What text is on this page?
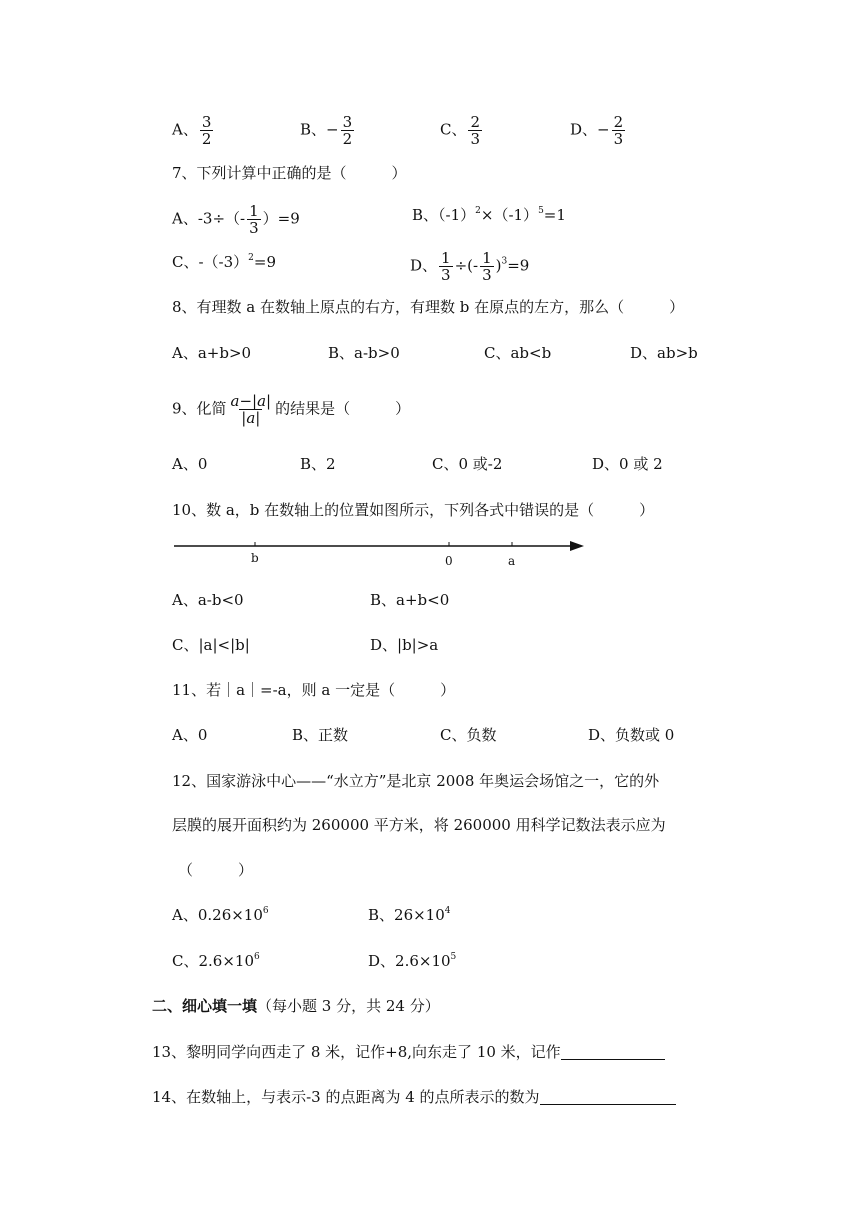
A、 $\frac{3}{2}$	B、− $\frac{3}{2}$	C、 $\frac{2}{3}$	D、− $\frac{2}{3}$
7、下列计算中正确的是（　　　）
A、$-3\div(- \frac{1}{3} )=9$	B、$(-1)^2\times(-1)^5=1$
C、$-(-3)^2=9$	D、 $\frac{1}{3}$ ÷(- $\frac{1}{3} )^3=9$
8、有理数 a 在数轴上原点的右方，有理数 b 在原点的左方，那么（　　　）
A、a+b>0	B、a-b>0	C、ab<b	D、ab>b
9、化简 $\frac{a-|a|}{|a|}$ 的结果是（　　　）
A、0	B、2	C、0 或-2	D、0 或 2
10、数 a，b 在数轴上的位置如图所示，下列各式中错误的是（　　　）
b	0	a
A、a-b<0	B、a+b<0
C、|a|<|b|	D、|b|>a
11、若｜a｜=-a，则 a 一定是（　　　）
A、0	B、正数	C、负数	D、负数或 0
12、国家游泳中心——“水立方”是北京 2008 年奥运会场馆之一，它的外
层膜的展开面积约为 260000 平方米，将 260000 用科学记数法表示应为
（　　　）
A、$0.26\times 10^6$	B、$26\times 10^4$
C、$2.6\times 10^6$	D、$2.6\times 10^5$
二、细心填一填（每小题 3 分，共 24 分）
13、黎明同学向西走了 8 米，记作+8,向东走了 10 米，记作
14、在数轴上，与表示-3 的点距离为 4 的点所表示的数为
